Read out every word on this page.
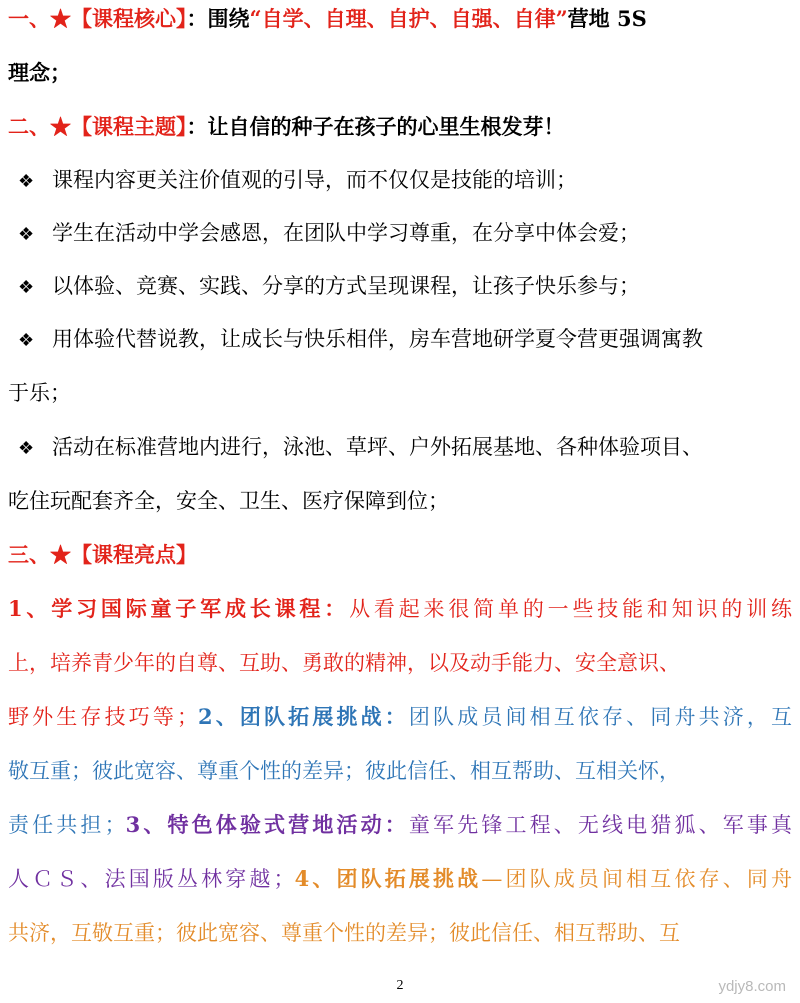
一、★【课程核心】：围绕“自学、自理、自护、自强、自律”营地 5S
理念；
二、★【课程主题】：让自信的种子在孩子的心里生根发芽！
❖ 课程内容更关注价值观的引导，而不仅仅是技能的培训；
❖ 学生在活动中学会感恩，在团队中学习尊重，在分享中体会爱；
❖ 以体验、竞赛、实践、分享的方式呈现课程，让孩子快乐参与；
❖ 用体验代替说教，让成长与快乐相伴，房车营地研学夏令营更强调寓教
于乐；
❖ 活动在标准营地内进行，泳池、草坪、户外拓展基地、各种体验项目、
吃住玩配套齐全，安全、卫生、医疗保障到位；
三、★【课程亮点】
1、学习国际童子军成长课程：从看起来很简单的一些技能和知识的训练
上，培养青少年的自尊、互助、勇敢的精神，以及动手能力、安全意识、
野外生存技巧等；2、团队拓展挑战：团队成员间相互依存、同舟共济，互
敬互重；彼此宽容、尊重个性的差异；彼此信任、相互帮助、互相关怀，
责任共担；3、特色体验式营地活动：童军先锋工程、无线电猎狐、军事真
人ＣＳ、法国版丛林穿越；4、团队拓展挑战—团队成员间相互依存、同舟
共济，互敬互重；彼此宽容、尊重个性的差异；彼此信任、相互帮助、互
2	ydjy8.com
